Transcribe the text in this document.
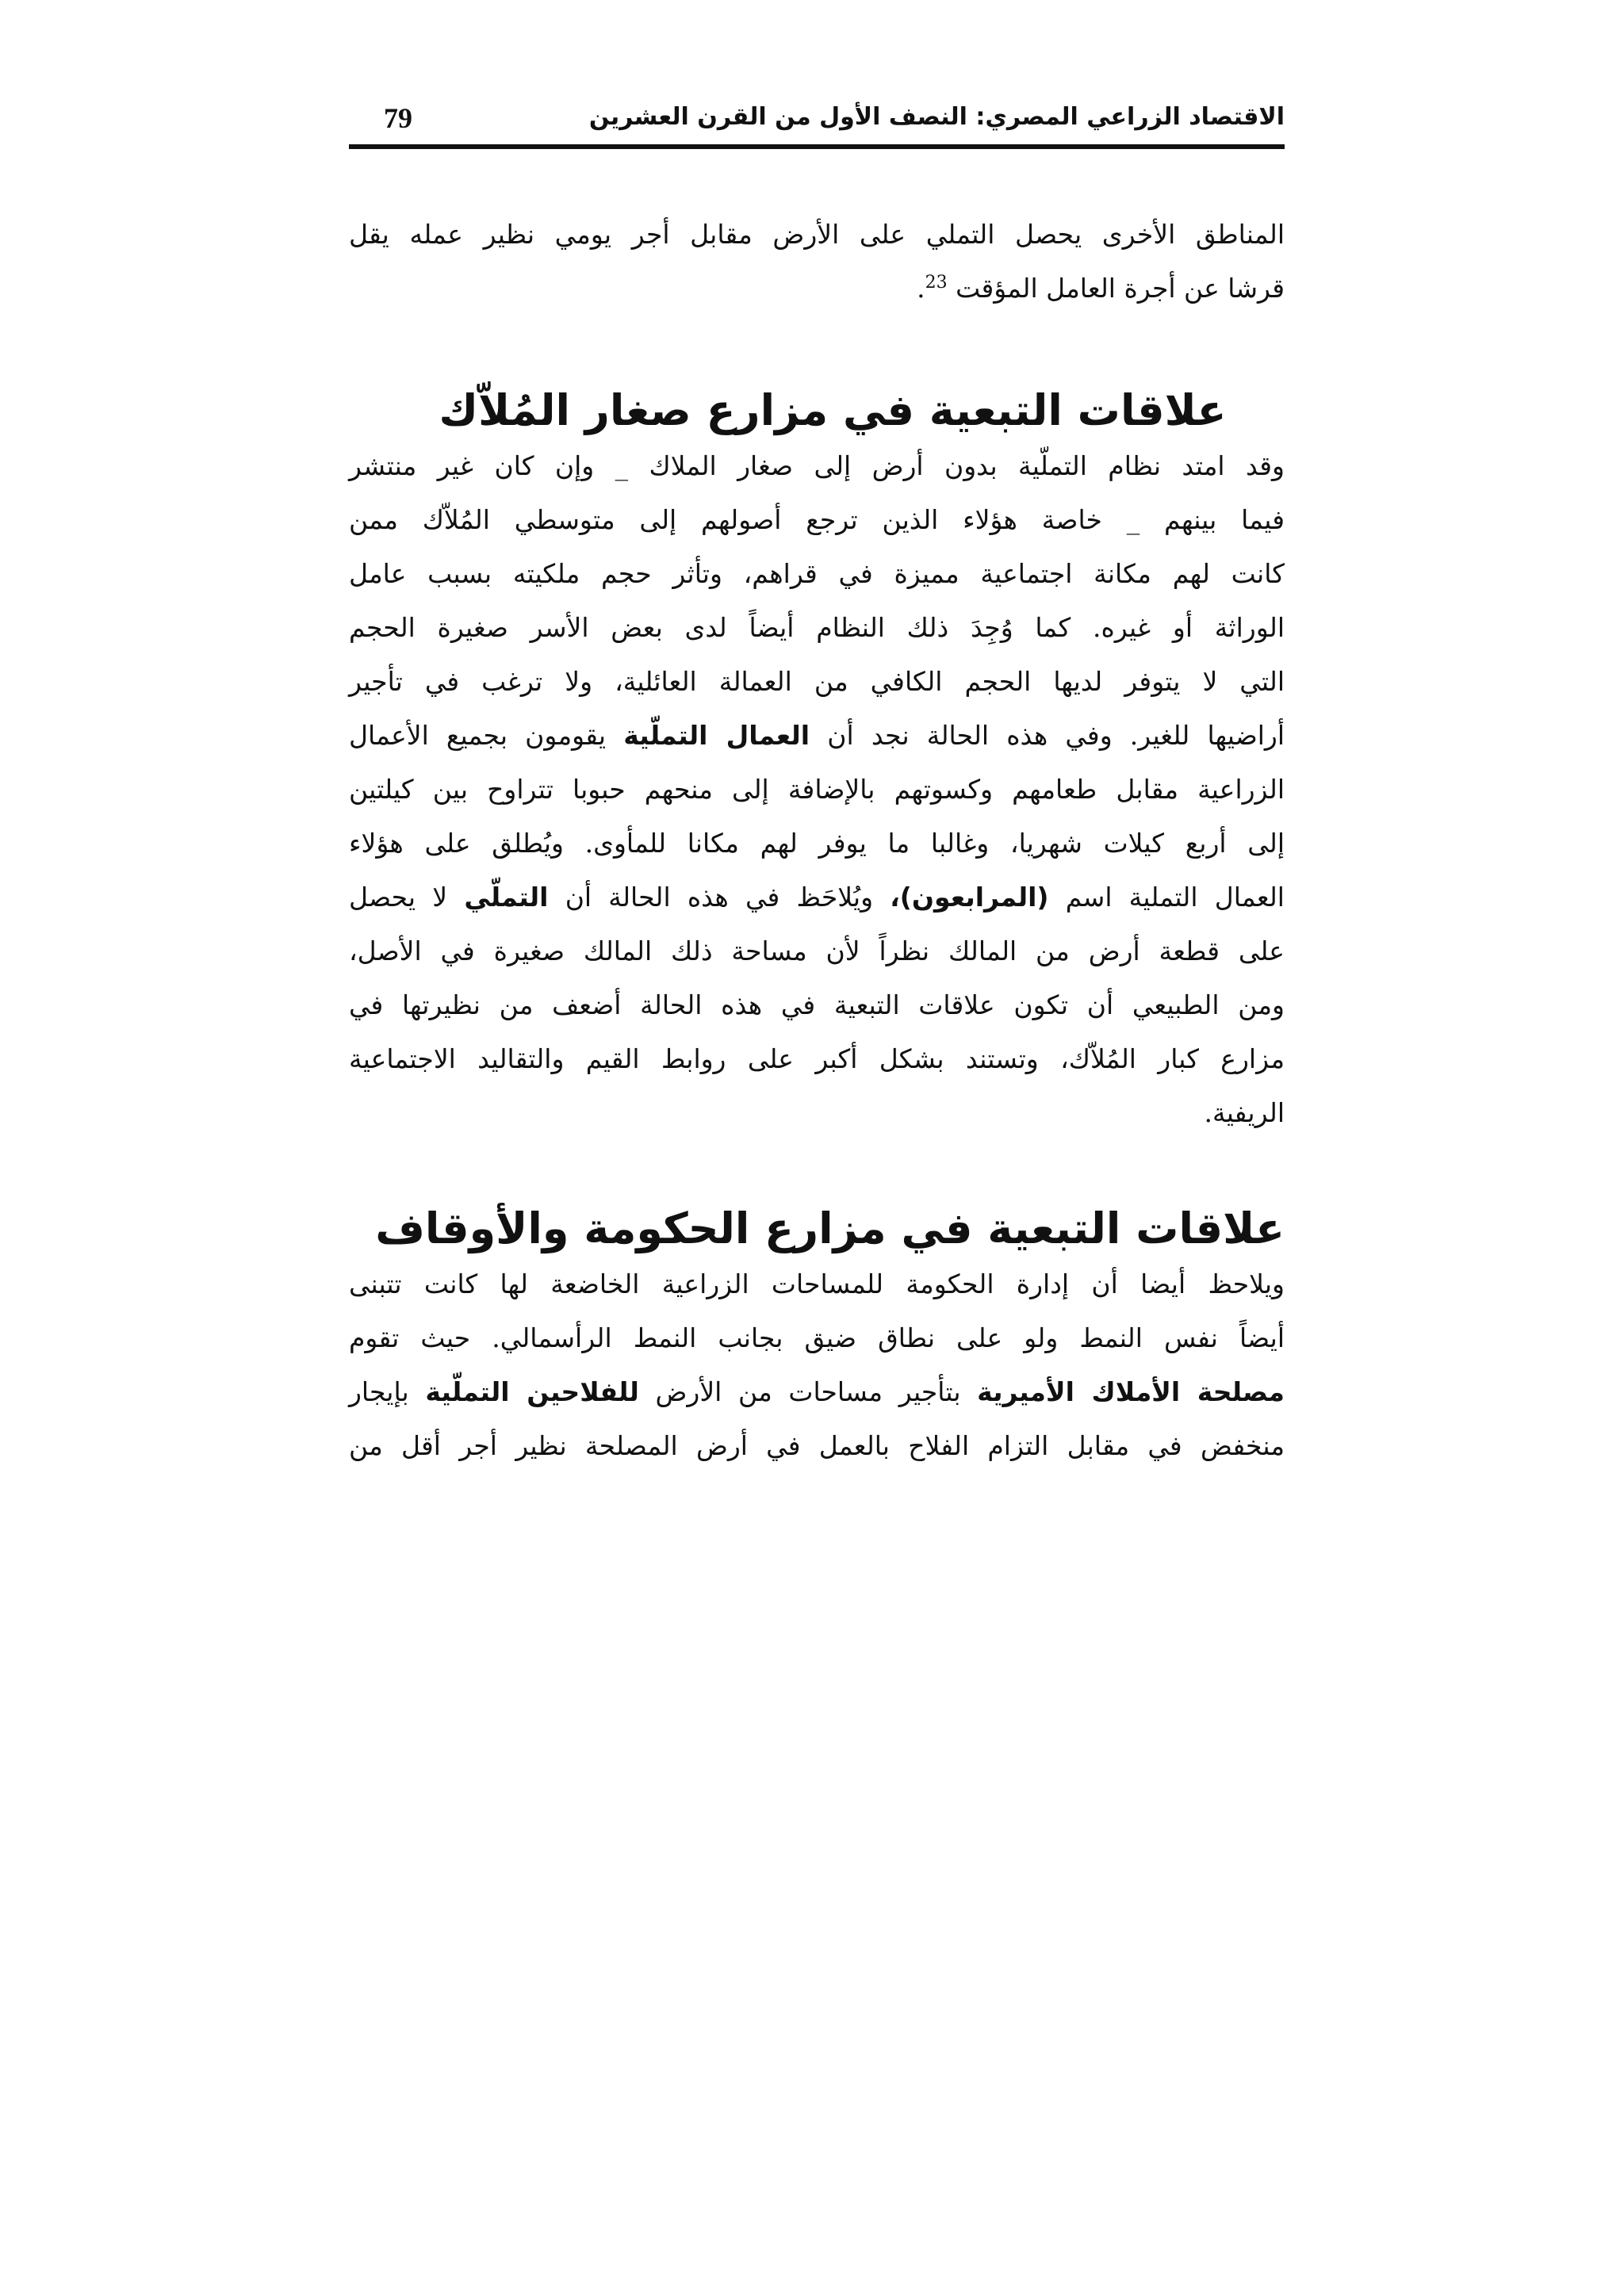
الاقتصاد الزراعي المصري: النصف الأول من القرن العشرين
79

المناطق الأخرى يحصل التملي على الأرض مقابل أجر يومي نظير عمله يقل

قرشا عن أجرة العامل المؤقت $^{23}$.

علاقات التبعية في مزارع صغار المُلاّك

وقد امتد نظام التملّية بدون أرض إلى صغار الملاك _ وإن كان غير منتشر

فيما بينهم _ خاصة هؤلاء الذين ترجع أصولهم إلى متوسطي المُلاّك ممن

كانت لهم مكانة اجتماعية مميزة في قراهم، وتأثر حجم ملكيته بسبب عامل

الوراثة أو غيره. كما وُجِدَ ذلك النظام أيضاً لدى بعض الأسر صغيرة الحجم

التي لا يتوفر لديها الحجم الكافي من العمالة العائلية، ولا ترغب في تأجير

أراضيها للغير. وفي هذه الحالة نجد أن العمال التملّية يقومون بجميع الأعمال

الزراعية مقابل طعامهم وكسوتهم بالإضافة إلى منحهم حبوبا تتراوح بين كيلتين

إلى أربع كيلات شهريا، وغالبا ما يوفر لهم مكانا للمأوى. ويُطلق على هؤلاء

العمال التملية اسم (المرابعون)، ويُلاحَظ في هذه الحالة أن التملّي لا يحصل

على قطعة أرض من المالك نظراً لأن مساحة ذلك المالك صغيرة في الأصل،

ومن الطبيعي أن تكون علاقات التبعية في هذه الحالة أضعف من نظيرتها في

مزارع كبار المُلاّك، وتستند بشكل أكبر على روابط القيم والتقاليد الاجتماعية

الريفية.

علاقات التبعية في مزارع الحكومة والأوقاف

ويلاحظ أيضا أن إدارة الحكومة للمساحات الزراعية الخاضعة لها كانت تتبنى

أيضاً نفس النمط ولو على نطاق ضيق بجانب النمط الرأسمالي. حيث تقوم

مصلحة الأملاك الأميرية بتأجير مساحات من الأرض للفلاحين التملّية بإيجار

منخفض في مقابل التزام الفلاح بالعمل في أرض المصلحة نظير أجر أقل من
